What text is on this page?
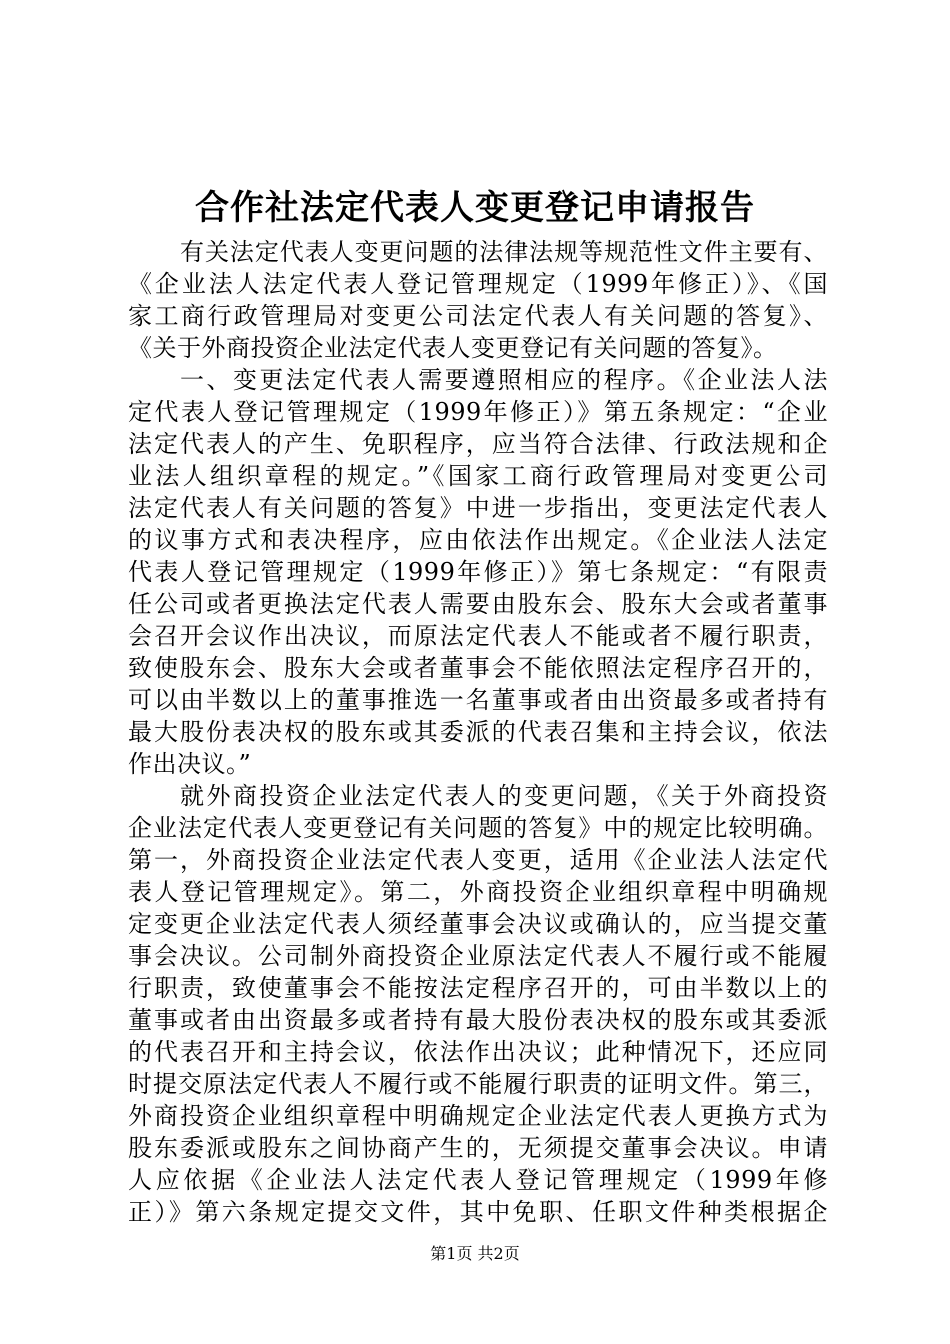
合作社法定代表人变更登记申请报告
有关法定代表人变更问题的法律法规等规范性文件主要有、
《企业法人法定代表人登记管理规定（1999年修正）》、《国
家工商行政管理局对变更公司法定代表人有关问题的答复》、
《关于外商投资企业法定代表人变更登记有关问题的答复》。
一、变更法定代表人需要遵照相应的程序。《企业法人法
定代表人登记管理规定（1999年修正）》第五条规定：“企业
法定代表人的产生、免职程序，应当符合法律、行政法规和企
业法人组织章程的规定。”《国家工商行政管理局对变更公司
法定代表人有关问题的答复》中进一步指出，变更法定代表人
的议事方式和表决程序，应由依法作出规定。《企业法人法定
代表人登记管理规定（1999年修正）》第七条规定：“有限责
任公司或者更换法定代表人需要由股东会、股东大会或者董事
会召开会议作出决议，而原法定代表人不能或者不履行职责，
致使股东会、股东大会或者董事会不能依照法定程序召开的，
可以由半数以上的董事推选一名董事或者由出资最多或者持有
最大股份表决权的股东或其委派的代表召集和主持会议，依法
作出决议。”
就外商投资企业法定代表人的变更问题，《关于外商投资
企业法定代表人变更登记有关问题的答复》中的规定比较明确。
第一，外商投资企业法定代表人变更，适用《企业法人法定代
表人登记管理规定》。第二，外商投资企业组织章程中明确规
定变更企业法定代表人须经董事会决议或确认的，应当提交董
事会决议。公司制外商投资企业原法定代表人不履行或不能履
行职责，致使董事会不能按法定程序召开的，可由半数以上的
董事或者由出资最多或者持有最大股份表决权的股东或其委派
的代表召开和主持会议，依法作出决议；此种情况下，还应同
时提交原法定代表人不履行或不能履行职责的证明文件。第三，
外商投资企业组织章程中明确规定企业法定代表人更换方式为
股东委派或股东之间协商产生的，无须提交董事会决议。申请
人应依据《企业法人法定代表人登记管理规定（1999年修
正）》第六条规定提交文件，其中免职、任职文件种类根据企
第1页 共2页
